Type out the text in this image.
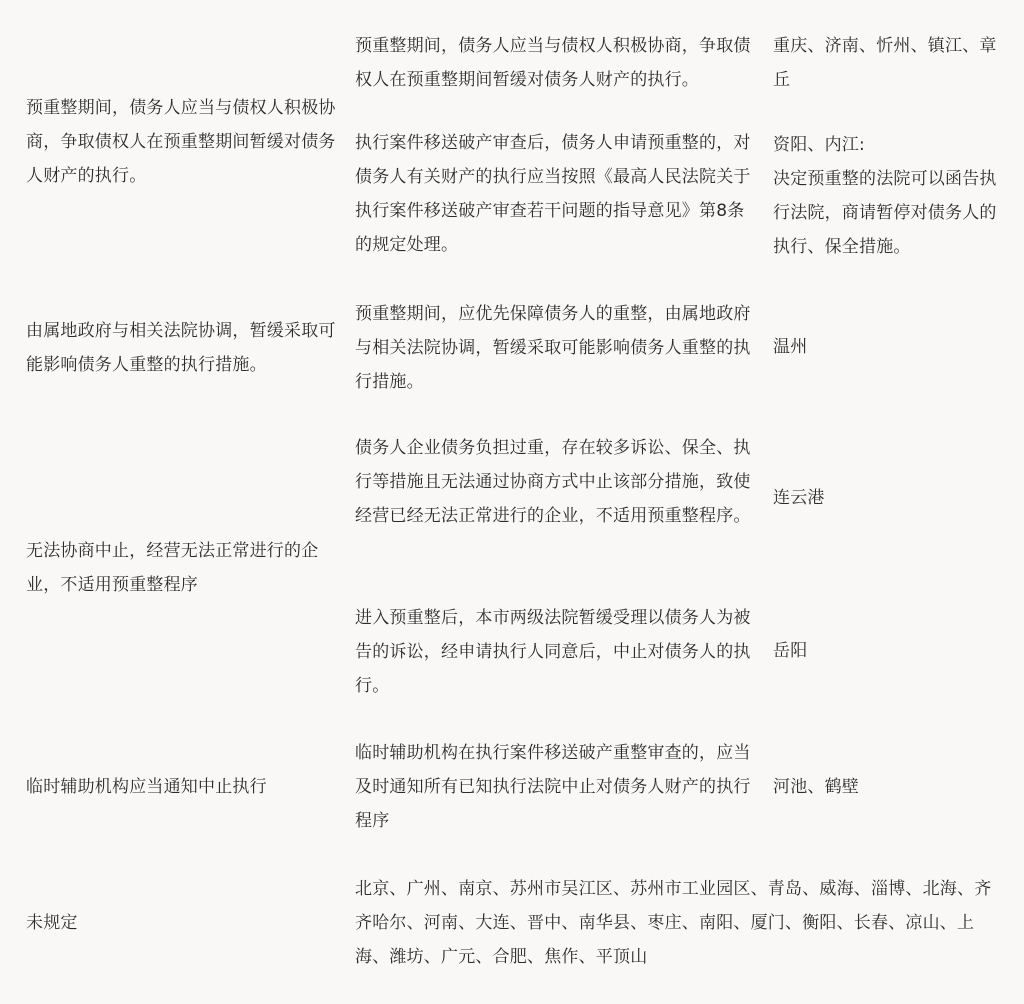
预重整期间，债务人应当与债权人积极协商，争取债权人在预重整期间暂缓对债务人财产的执行。
预重整期间，债务人应当与债权人积极协商，争取债权人在预重整期间暂缓对债务人财产的执行。
重庆、济南、忻州、镇江、章丘
执行案件移送破产审查后，债务人申请预重整的，对债务人有关财产的执行应当按照《最高人民法院关于执行案件移送破产审查若干问题的指导意见》第8条的规定处理。
资阳、内江:
决定预重整的法院可以函告执行法院，商请暂停对债务人的执行、保全措施。
由属地政府与相关法院协调，暂缓采取可能影响债务人重整的执行措施。
预重整期间，应优先保障债务人的重整，由属地政府与相关法院协调，暂缓采取可能影响债务人重整的执行措施。
温州
无法协商中止，经营无法正常进行的企业，不适用预重整程序
债务人企业债务负担过重，存在较多诉讼、保全、执行等措施且无法通过协商方式中止该部分措施，致使经营已经无法正常进行的企业，不适用预重整程序。
连云港
进入预重整后，本市两级法院暂缓受理以债务人为被告的诉讼，经申请执行人同意后，中止对债务人的执行。
岳阳
临时辅助机构应当通知中止执行
临时辅助机构在执行案件移送破产重整审查的，应当及时通知所有已知执行法院中止对债务人财产的执行程序
河池、鹤壁
未规定
北京、广州、南京、苏州市吴江区、苏州市工业园区、青岛、威海、淄博、北海、齐齐哈尔、河南、大连、晋中、南华县、枣庄、南阳、厦门、衡阳、长春、凉山、上海、潍坊、广元、合肥、焦作、平顶山
